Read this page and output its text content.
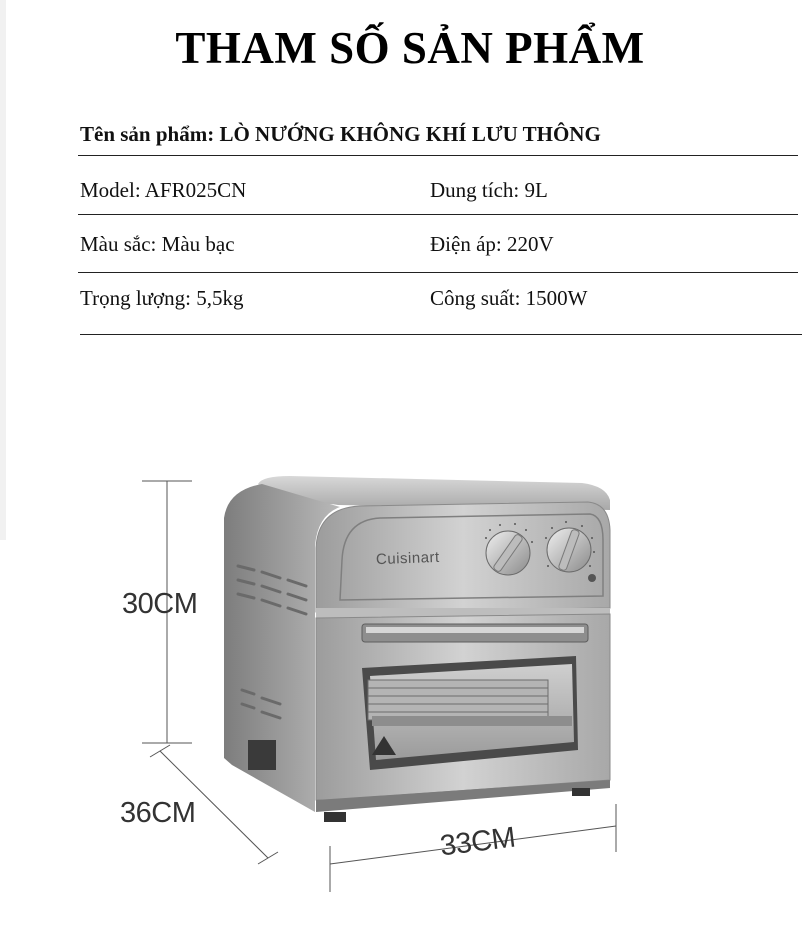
THAM SỐ SẢN PHẨM
Tên sản phẩm: LÒ NƯỚNG KHÔNG KHÍ LƯU THÔNG
Model: AFR025CN	Dung tích: 9L
Màu sắc: Màu bạc	Điện áp: 220V
Trọng lượng: 5,5kg	Công suất: 1500W
30CM
36CM
33CM
Cuisinart
